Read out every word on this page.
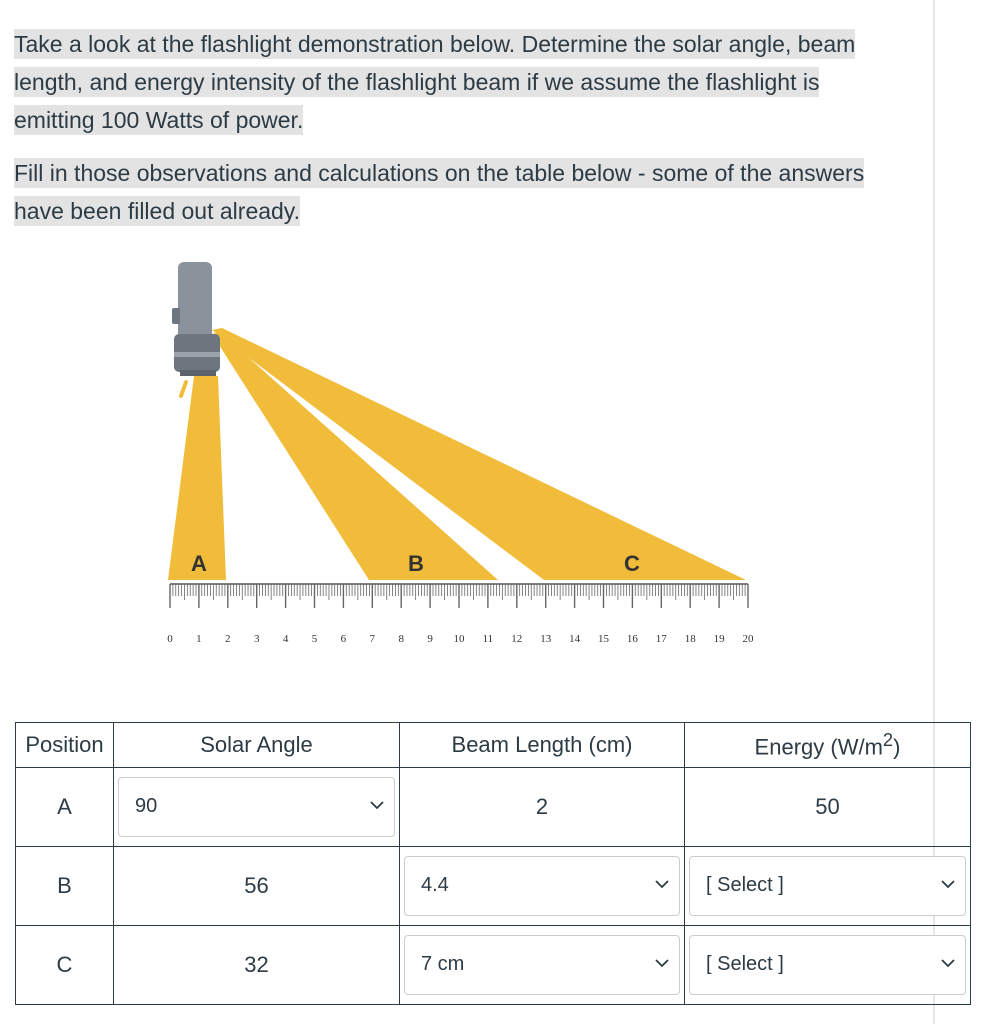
Take a look at the flashlight demonstration below. Determine the solar angle, beam length, and energy intensity of the flashlight beam if we assume the flashlight is emitting 100 Watts of power.
Fill in those observations and calculations on the table below - some of the answers have been filled out already.
A	B	C
0 1 2 3 4 5 6 7 8 9 10 11 12 13 14 15 16 17 18 19 20
Position	Solar Angle	Beam Length (cm)	Energy $(W/m^2)$
A	90	2	50
B	56	4.4	[ Select ]

C	32	7 cm	[ Select ]
